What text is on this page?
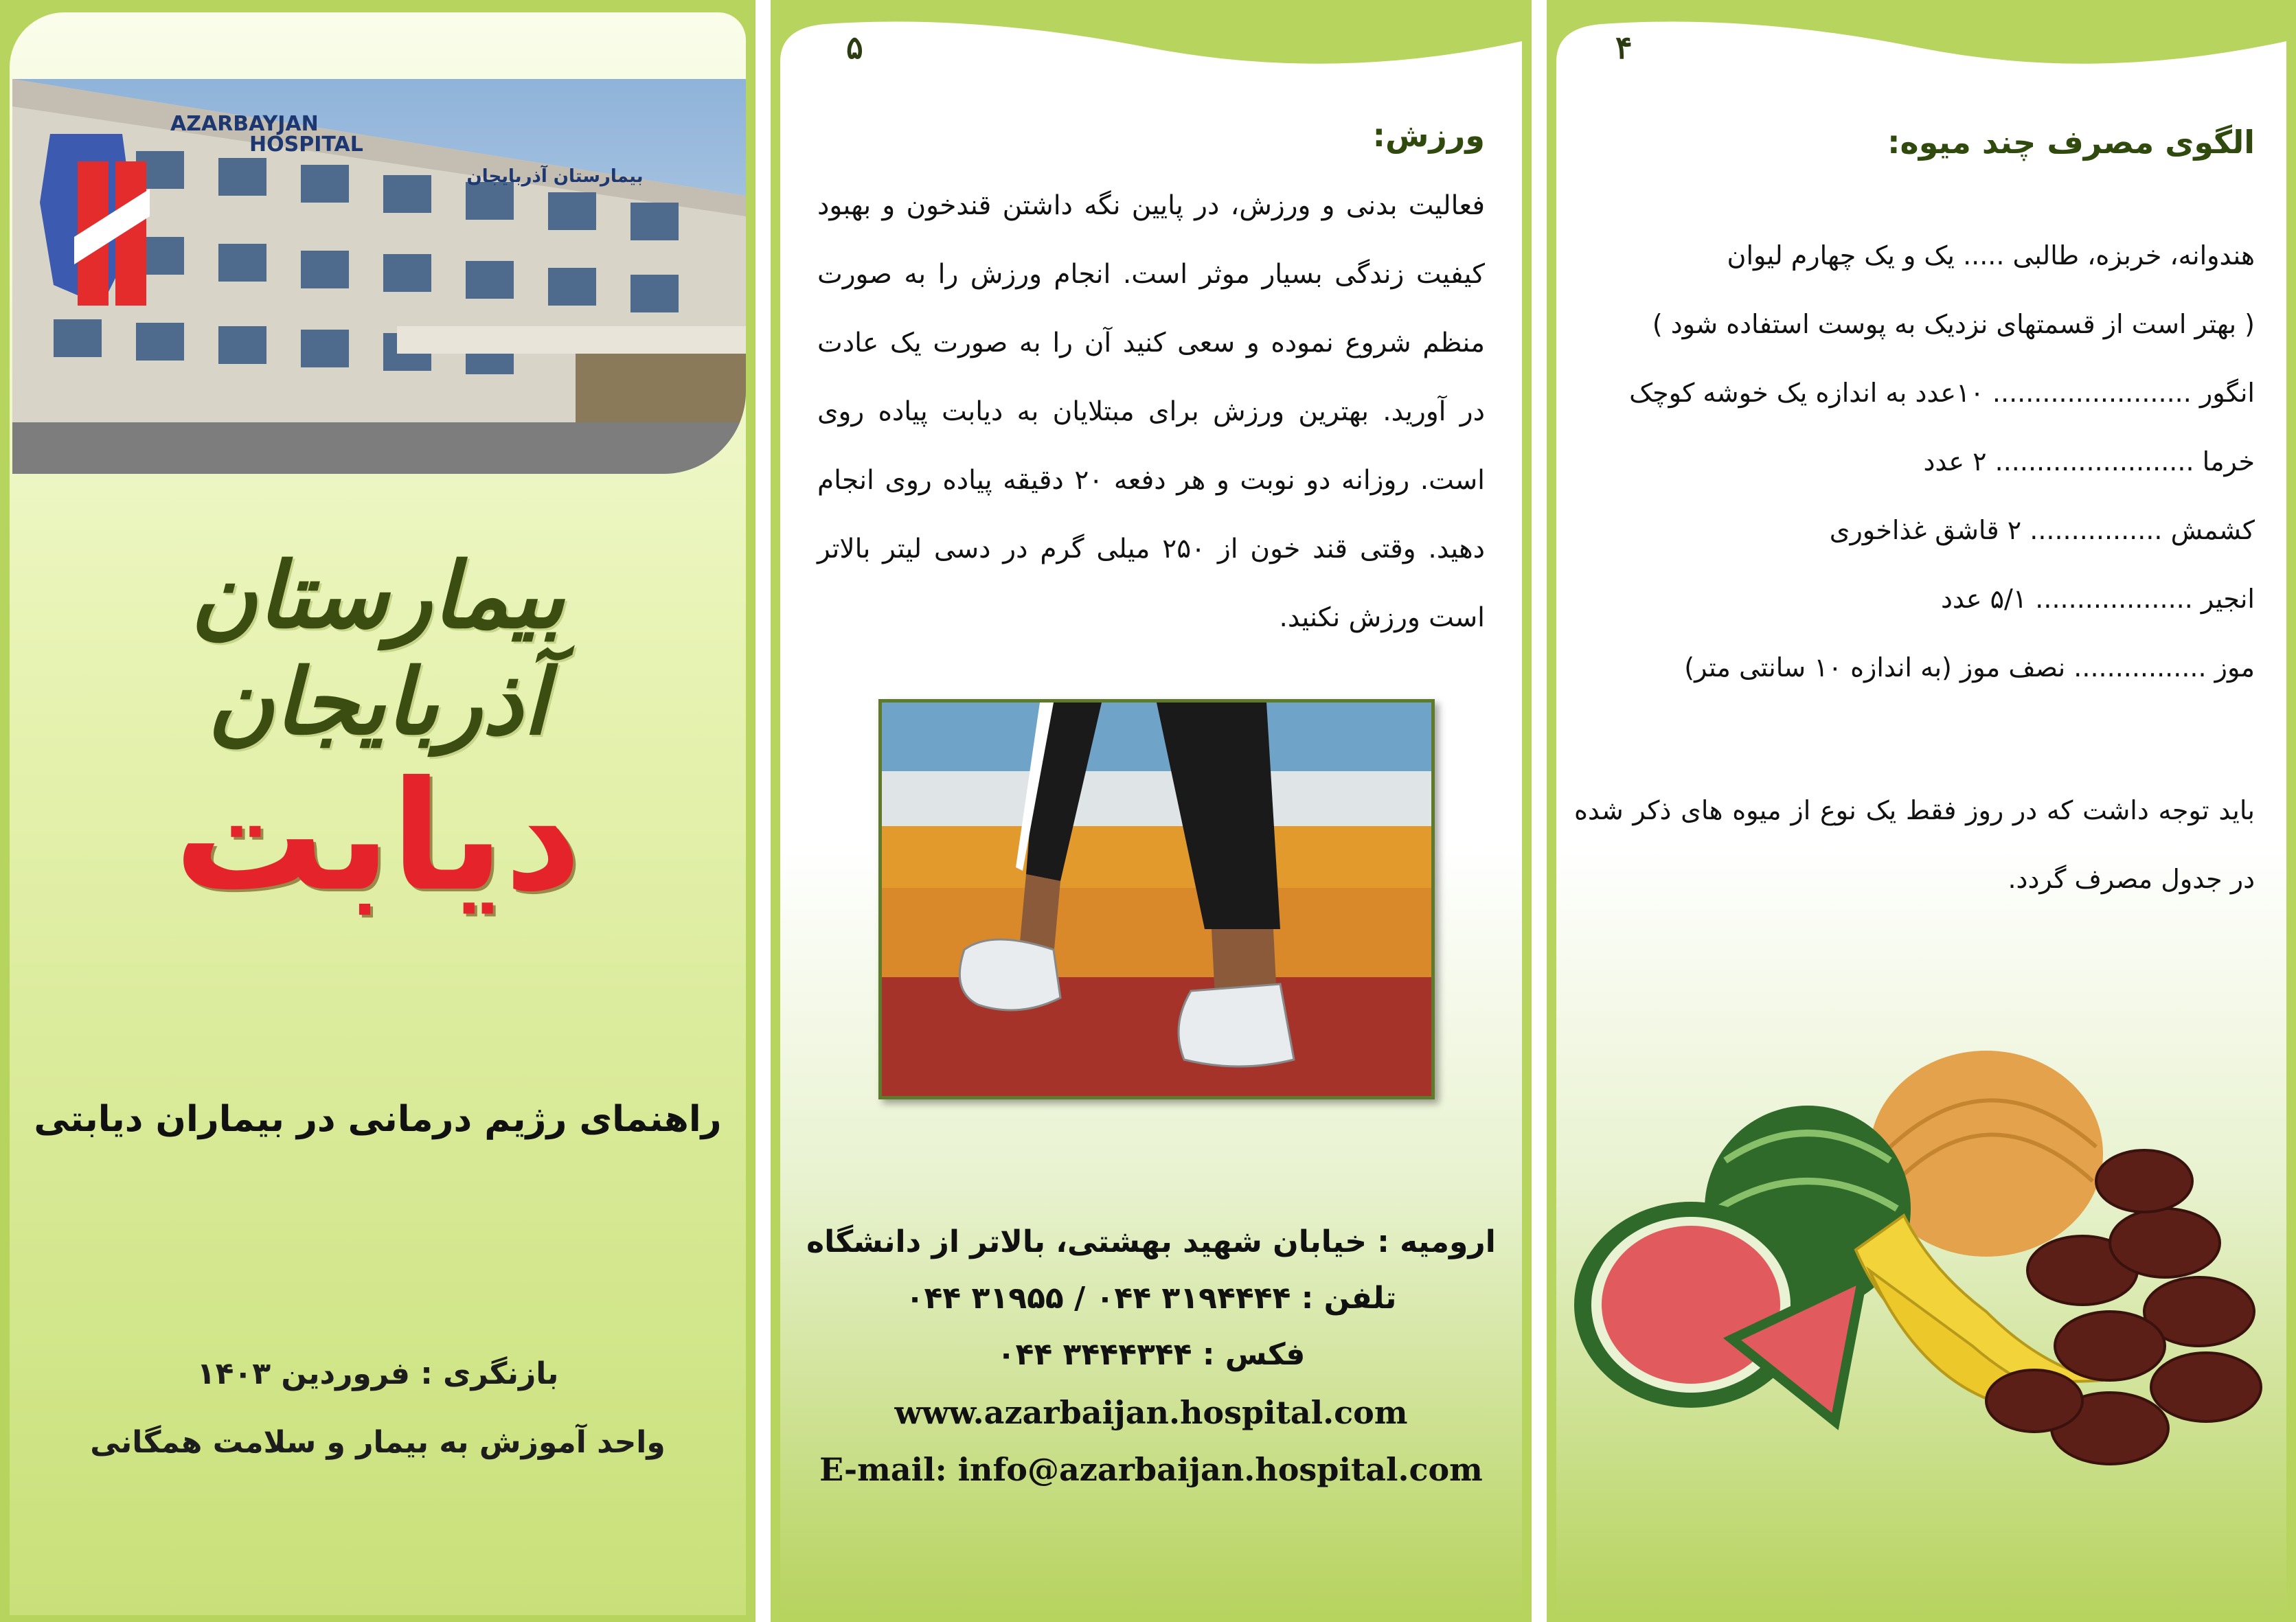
AZARBAYJAN
HOSPITAL
بیمارستان آذربایجان
بیمارستان آذربایجان
دیابت
راهنمای رژیم درمانی در بیماران دیابتی
بازنگری : فروردین ۱۴۰۳
واحد آموزش به بیمار و سلامت همگانی
۵
ورزش:
فعالیت بدنی و ورزش، در پایین نگه داشتن قندخون و بهبود کیفیت زندگی بسیار موثر است. انجام ورزش را به صورت منظم شروع نموده و سعی کنید آن را به صورت یک عادت در آورید. بهترین ورزش برای مبتلایان به دیابت پیاده روی است. روزانه دو نوبت و هر دفعه ۲۰ دقیقه پیاده روی انجام دهید. وقتی قند خون از ۲۵۰ میلی گرم در دسی لیتر بالاتر است ورزش نکنید.
ارومیه : خیابان شهید بهشتی، بالاتر از دانشگاه
تلفن : ۳۱۹۴۴۴۴ ۰۴۴ / ۳۱۹۵۵ ۰۴۴
فکس : ۳۴۴۴۳۴۴ ۰۴۴
www.azarbaijan.hospital.com
E-mail: info@azarbaijan.hospital.com
۴
الگوی مصرف چند میوه:
هندوانه، خربزه، طالبی ..... یک و یک چهارم لیوان
( بهتر است از قسمتهای نزدیک به پوست استفاده شود )
انگور ........................ ۱۰عدد به اندازه یک خوشه کوچک
خرما ........................ ۲ عدد
کشمش ................ ۲ قاشق غذاخوری
انجیر ................... ۵/۱ عدد
موز ................ نصف موز (به اندازه ۱۰ سانتی متر)
باید توجه داشت که در روز فقط یک نوع از میوه های ذکر شده در جدول مصرف گردد.
